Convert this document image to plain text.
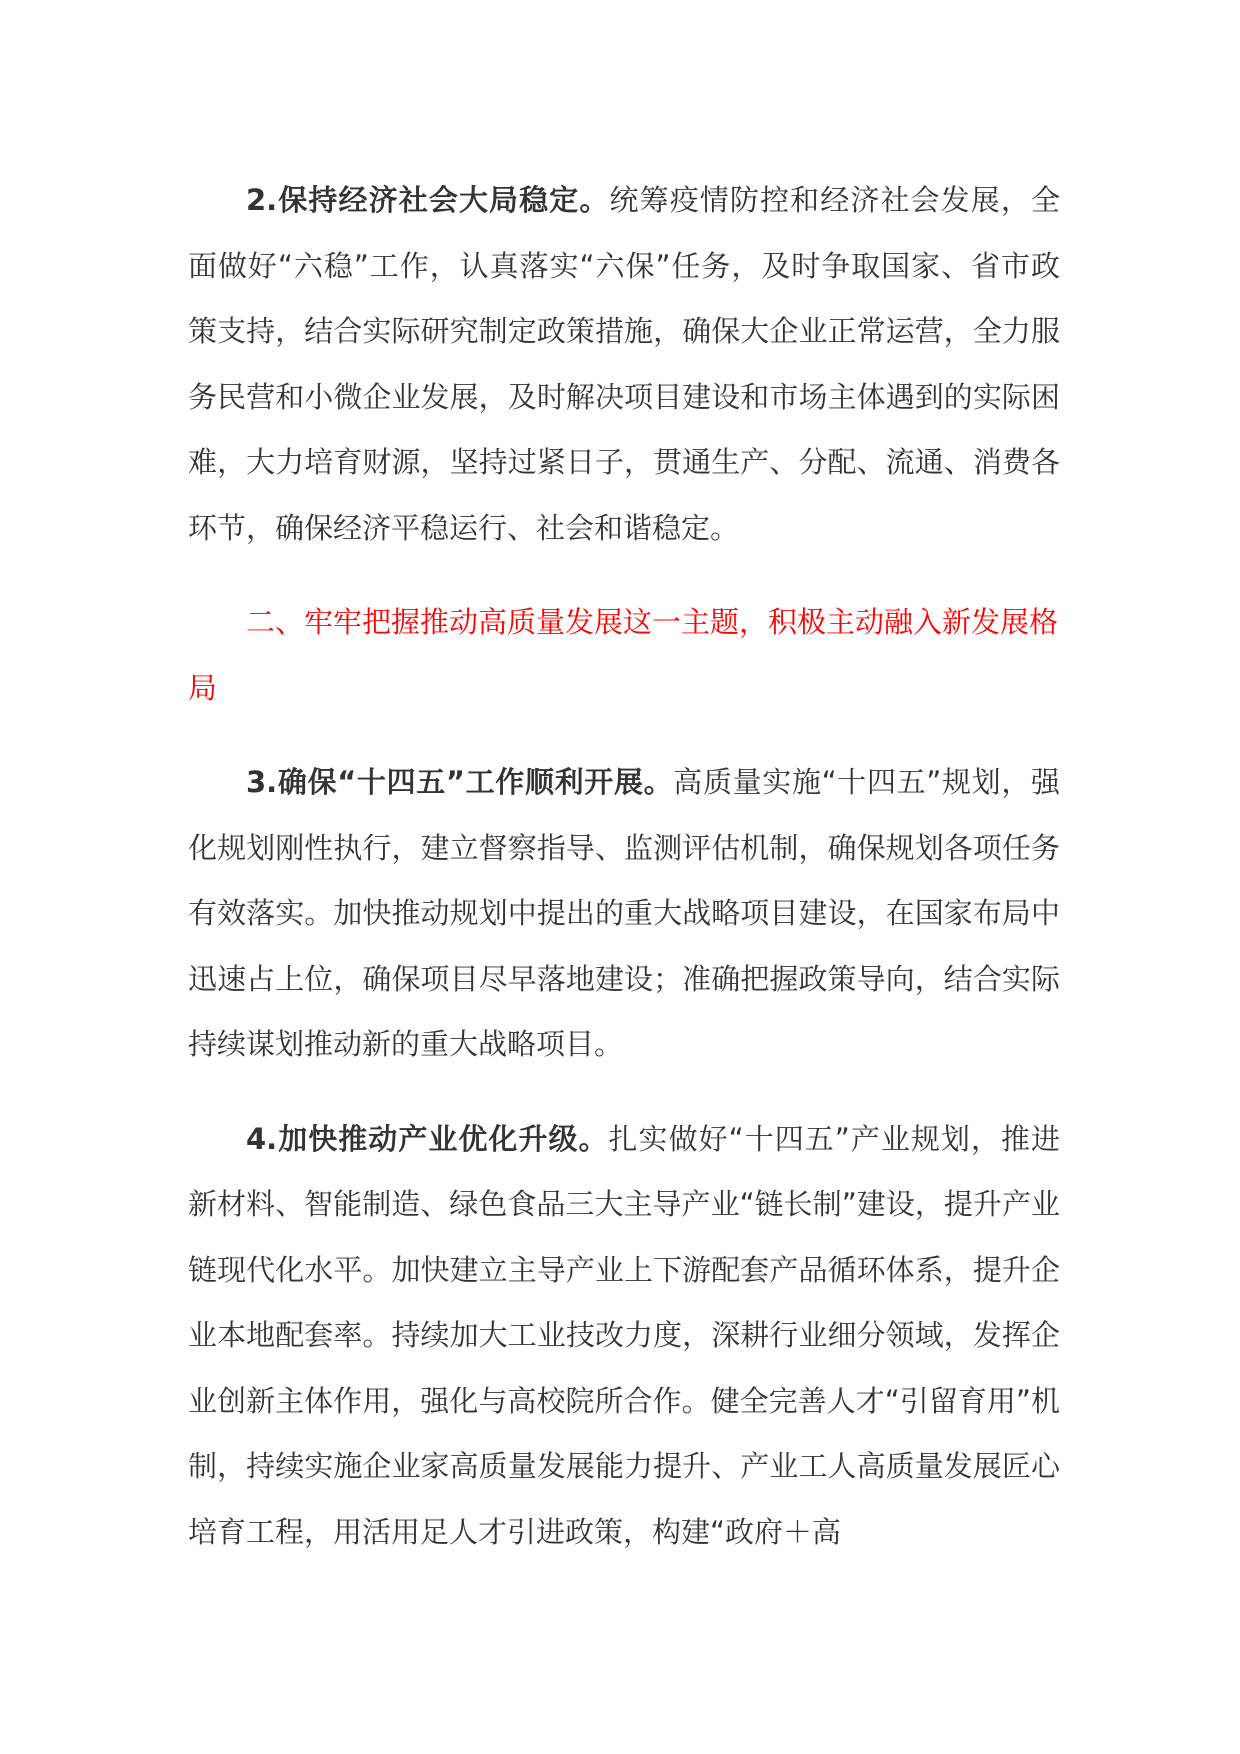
2.保持经济社会大局稳定。统筹疫情防控和经济社会发展，全面做好“六稳”工作，认真落实“六保”任务，及时争取国家、省市政策支持，结合实际研究制定政策措施，确保大企业正常运营，全力服务民营和小微企业发展，及时解决项目建设和市场主体遇到的实际困难，大力培育财源，坚持过紧日子，贯通生产、分配、流通、消费各环节，确保经济平稳运行、社会和谐稳定。

二、牢牢把握推动高质量发展这一主题，积极主动融入新发展格局

3.确保“十四五”工作顺利开展。高质量实施“十四五”规划，强化规划刚性执行，建立督察指导、监测评估机制，确保规划各项任务有效落实。加快推动规划中提出的重大战略项目建设，在国家布局中迅速占上位，确保项目尽早落地建设；准确把握政策导向，结合实际持续谋划推动新的重大战略项目。

4.加快推动产业优化升级。扎实做好“十四五”产业规划，推进新材料、智能制造、绿色食品三大主导产业“链长制”建设，提升产业链现代化水平。加快建立主导产业上下游配套产品循环体系，提升企业本地配套率。持续加大工业技改力度，深耕行业细分领域，发挥企业创新主体作用，强化与高校院所合作。健全完善人才“引留育用”机制，持续实施企业家高质量发展能力提升、产业工人高质量发展匠心培育工程，用活用足人才引进政策，构建“政府＋高
